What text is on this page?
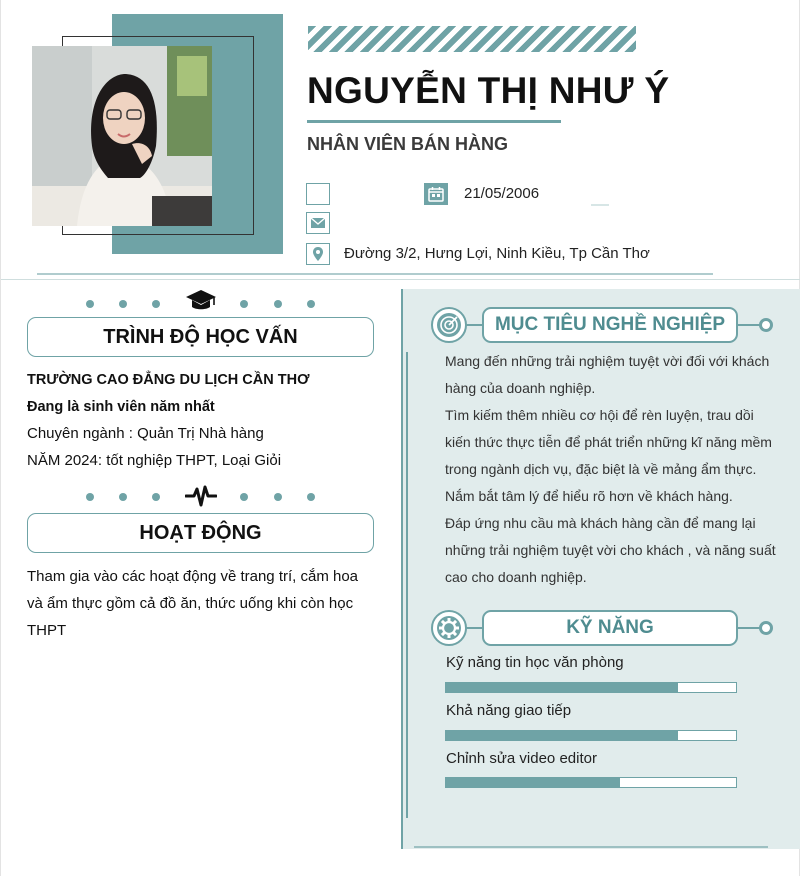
NGUYỄN THỊ NHƯ Ý
NHÂN VIÊN BÁN HÀNG
21/05/2006
Đường 3/2, Hưng Lợi, Ninh Kiều, Tp Cần Thơ
TRÌNH ĐỘ HỌC VẤN
TRƯỜNG CAO ĐẲNG DU LỊCH CẦN THƠ
Đang là sinh viên năm nhất
Chuyên ngành : Quản Trị Nhà hàng
NĂM 2024: tốt nghiệp THPT, Loại Giỏi
HOẠT ĐỘNG
Tham gia vào các hoạt động về trang trí, cắm hoa và ẩm thực gồm cả đồ ăn, thức uống khi còn học THPT
MỤC TIÊU NGHỀ NGHIỆP
Mang đến những trải nghiệm tuyệt vời đối với khách hàng của doanh nghiệp.
Tìm kiếm thêm nhiều cơ hội để rèn luyện, trau dồi kiến thức thực tiễn để phát triển những kĩ năng mềm trong ngành dịch vụ, đặc biệt là về mảng ẩm thực.
Nắm bắt tâm lý để hiểu rõ hơn về khách hàng.
Đáp ứng nhu cầu mà khách hàng cần để mang lại những trải nghiệm tuyệt vời cho khách , và năng suất cao cho doanh nghiệp.
KỸ NĂNG
Kỹ năng tin học văn phòng
Khả năng giao tiếp
Chỉnh sửa video editor
